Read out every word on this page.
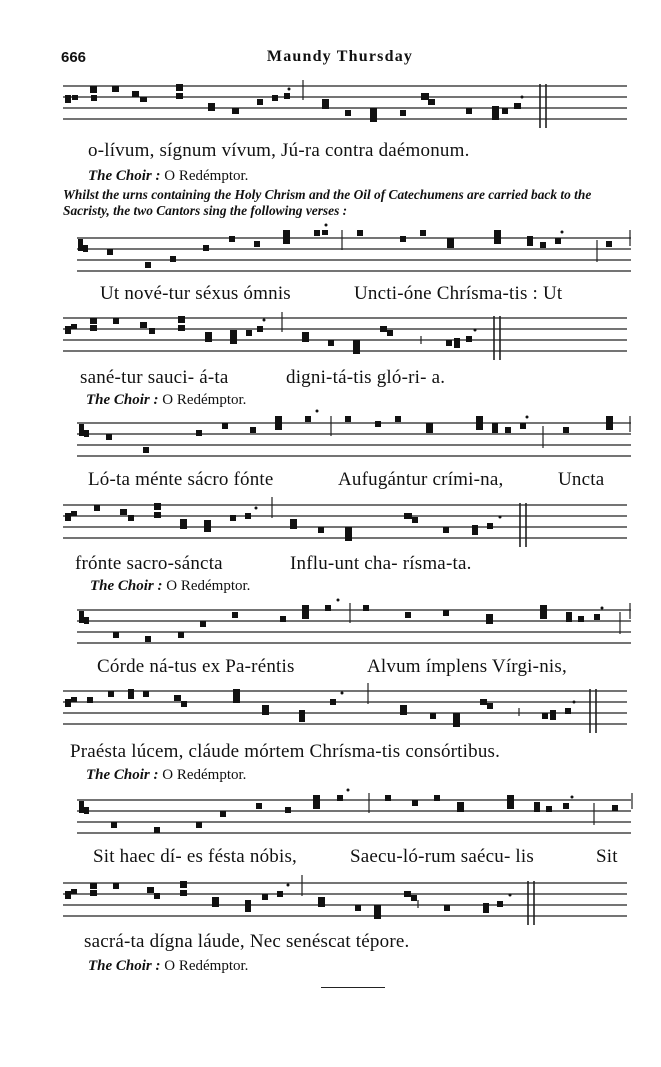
666	Maundy Thursday
o-lívum, sígnum vívum, Jú-ra contra daémonum.
The Choir : O Redémptor.
Whilst the urns containing the Holy Chrism and the Oil of Catechumens are carried back to the Sacristy, the two Cantors sing the following verses :
Ut nové-tur séxus ómnis	Uncti-óne Chrísma-tis : Ut
sané-tur sauci- á-ta	digni-tá-tis gló-ri- a.
The Choir : O Redémptor.
Ló-ta ménte sácro fónte	Aufugántur crími-na,	Uncta
frónte sacro-sáncta	Influ-unt cha- rísma-ta.
The Choir : O Redémptor.
Córde ná-tus ex Pa-réntis	Alvum ímplens Vírgi-nis,
Praésta lúcem, cláude mórtem Chrísma-tis consórtibus.
The Choir : O Redémptor.
Sit haec dí- es fésta nóbis,	Saecu-ló-rum saécu- lis	Sit
sacrá-ta dígna láude, Nec senéscat tépore.
The Choir : O Redémptor.
